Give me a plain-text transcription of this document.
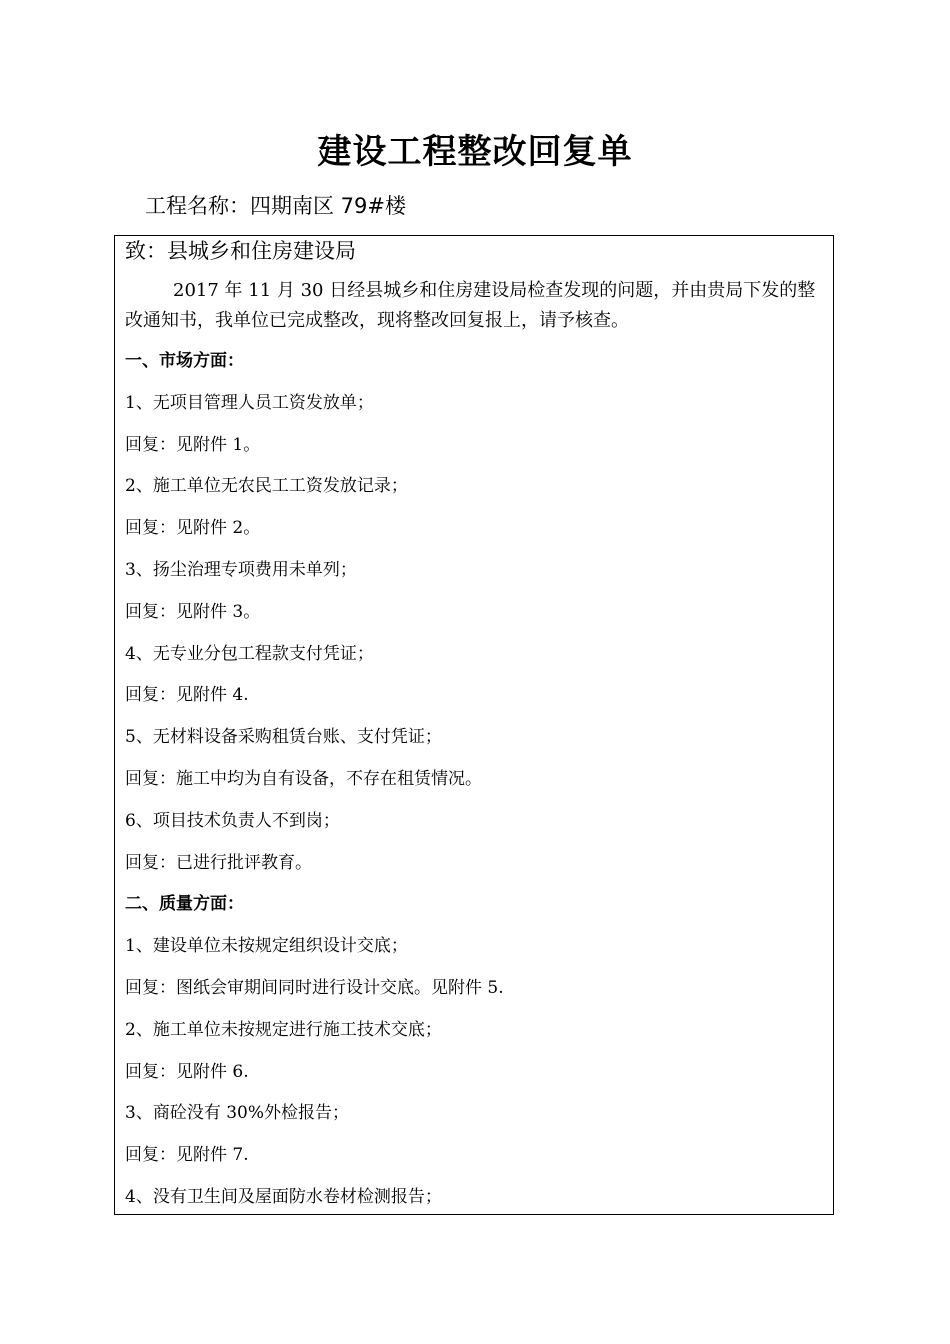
建设工程整改回复单
工程名称：四期南区 79#楼
致：县城乡和住房建设局

2017 年 11 月 30 日经县城乡和住房建设局检查发现的问题，并由贵局下发的整改通知书，我单位已完成整改，现将整改回复报上，请予核查。

一、市场方面：
1、无项目管理人员工资发放单；
回复：见附件 1。
2、施工单位无农民工工资发放记录；
回复：见附件 2。
3、扬尘治理专项费用未单列；
回复：见附件 3。
4、无专业分包工程款支付凭证；
回复：见附件 4.
5、无材料设备采购租赁台账、支付凭证；
回复：施工中均为自有设备，不存在租赁情况。
6、项目技术负责人不到岗；
回复：已进行批评教育。
二、质量方面：
1、建设单位未按规定组织设计交底；
回复：图纸会审期间同时进行设计交底。见附件 5.
2、施工单位未按规定进行施工技术交底；
回复：见附件 6.
3、商砼没有 30%外检报告；
回复：见附件 7.
4、没有卫生间及屋面防水卷材检测报告；
